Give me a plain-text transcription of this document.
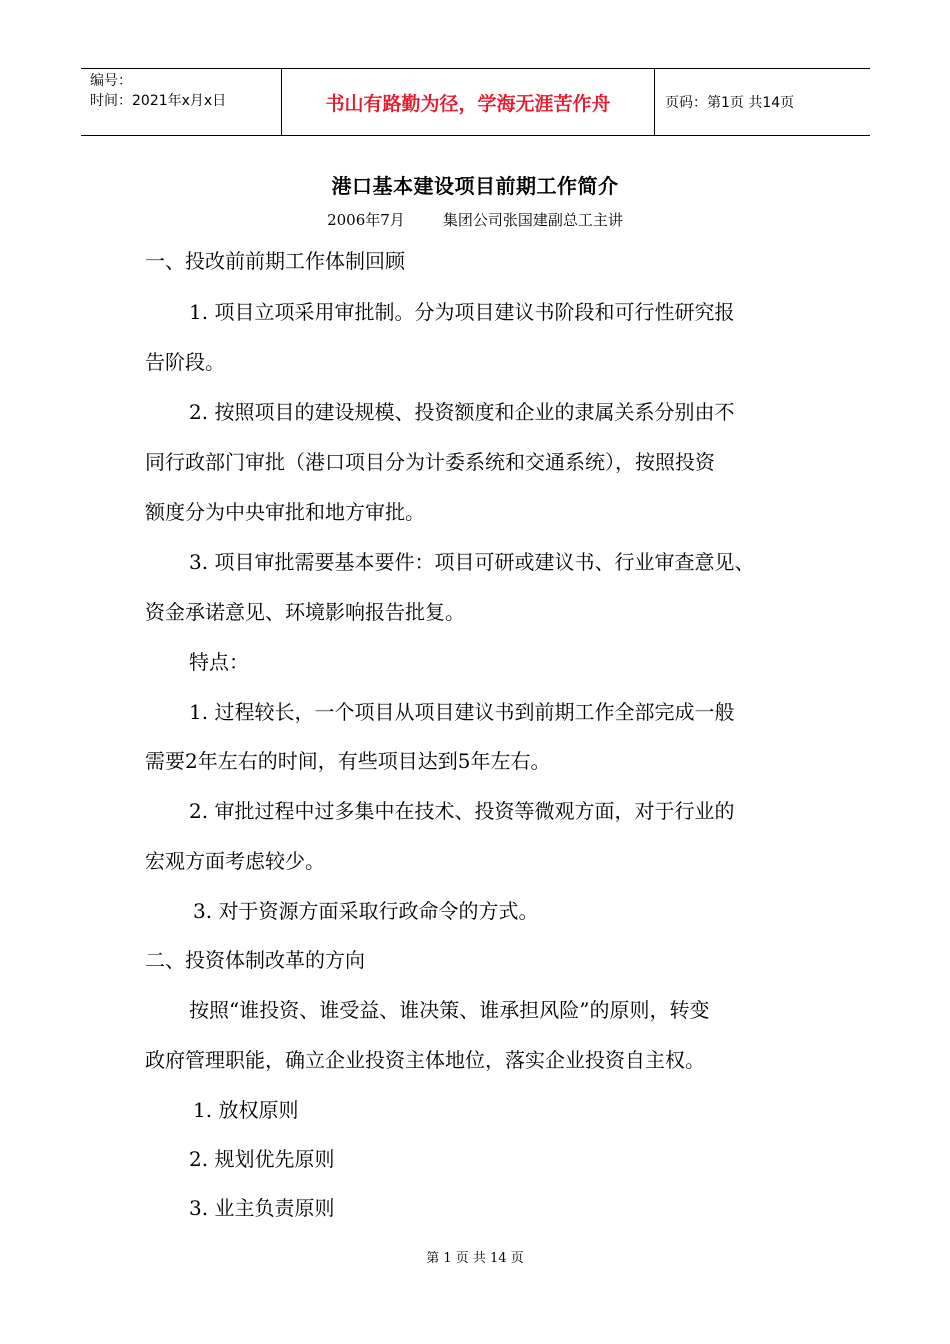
编号：
时间：2021年x月x日	书山有路勤为径，学海无涯苦作舟	页码：第1页 共14页
港口基本建设项目前期工作简介
2006年7月        集团公司张国建副总工主讲
一、投改前前期工作体制回顾
1. 项目立项采用审批制。分为项目建议书阶段和可行性研究报
告阶段。
2. 按照项目的建设规模、投资额度和企业的隶属关系分别由不
同行政部门审批（港口项目分为计委系统和交通系统），按照投资
额度分为中央审批和地方审批。
3. 项目审批需要基本要件：项目可研或建议书、行业审查意见、
资金承诺意见、环境影响报告批复。
特点：
1. 过程较长，一个项目从项目建议书到前期工作全部完成一般
需要2年左右的时间，有些项目达到5年左右。
2. 审批过程中过多集中在技术、投资等微观方面，对于行业的
宏观方面考虑较少。
3. 对于资源方面采取行政命令的方式。
二、投资体制改革的方向
按照“谁投资、谁受益、谁决策、谁承担风险”的原则，转变
政府管理职能，确立企业投资主体地位，落实企业投资自主权。
1. 放权原则
2. 规划优先原则
3. 业主负责原则
第 1 页 共 14 页
